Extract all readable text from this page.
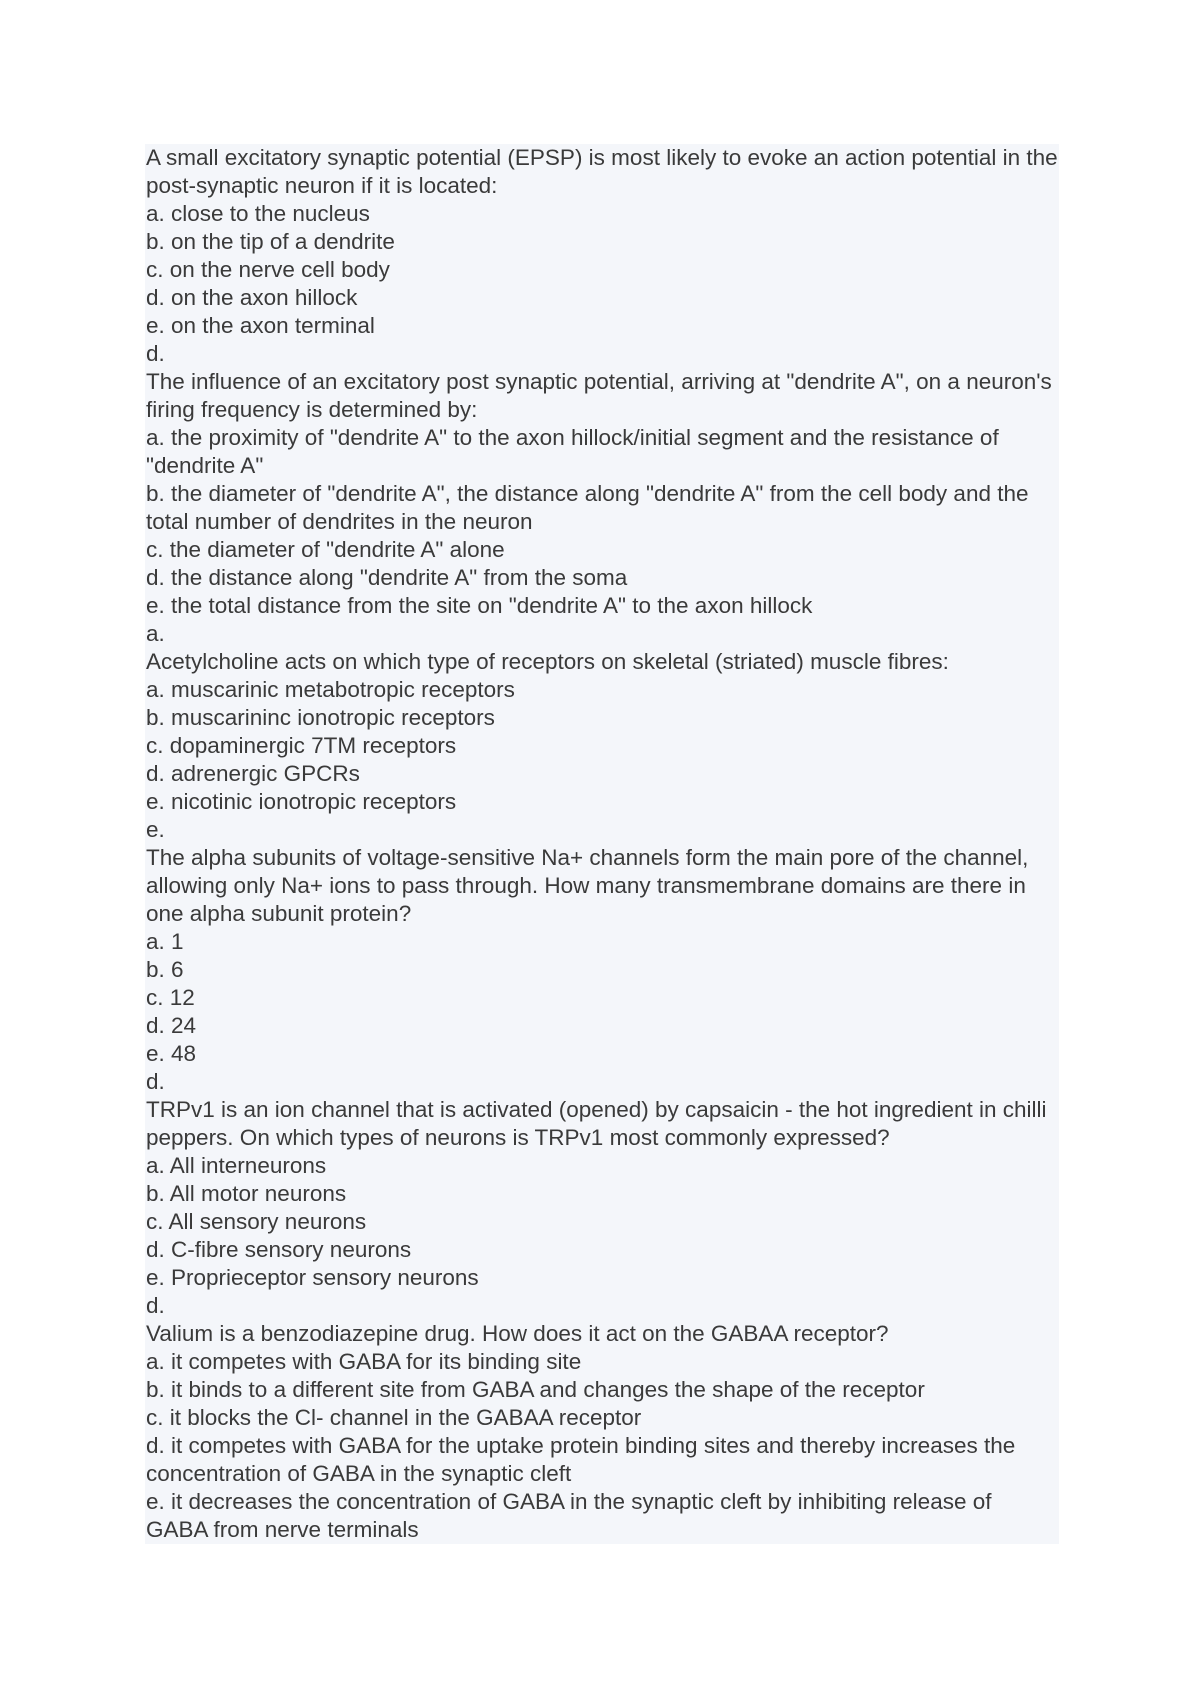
A small excitatory synaptic potential (EPSP) is most likely to evoke an action potential in the post-synaptic neuron if it is located:
a. close to the nucleus
b. on the tip of a dendrite
c. on the nerve cell body
d. on the axon hillock
e. on the axon terminal
d.
The influence of an excitatory post synaptic potential, arriving at "dendrite A", on a neuron's firing frequency is determined by:
a. the proximity of "dendrite A" to the axon hillock/initial segment and the resistance of "dendrite A"
b. the diameter of "dendrite A", the distance along "dendrite A" from the cell body and the total number of dendrites in the neuron
c. the diameter of "dendrite A" alone
d. the distance along "dendrite A" from the soma
e. the total distance from the site on "dendrite A" to the axon hillock
a.
Acetylcholine acts on which type of receptors on skeletal (striated) muscle fibres:
a. muscarinic metabotropic receptors
b. muscarininc ionotropic receptors
c. dopaminergic 7TM receptors
d. adrenergic GPCRs
e. nicotinic ionotropic receptors
e.
The alpha subunits of voltage-sensitive Na+ channels form the main pore of the channel, allowing only Na+ ions to pass through. How many transmembrane domains are there in one alpha subunit protein?
a. 1
b. 6
c. 12
d. 24
e. 48
d.
TRPv1 is an ion channel that is activated (opened) by capsaicin - the hot ingredient in chilli peppers. On which types of neurons is TRPv1 most commonly expressed?
a. All interneurons
b. All motor neurons
c. All sensory neurons
d. C-fibre sensory neurons
e. Proprieceptor sensory neurons
d.
Valium is a benzodiazepine drug. How does it act on the GABAA receptor?
a. it competes with GABA for its binding site
b. it binds to a different site from GABA and changes the shape of the receptor
c. it blocks the Cl- channel in the GABAA receptor
d. it competes with GABA for the uptake protein binding sites and thereby increases the concentration of GABA in the synaptic cleft
e. it decreases the concentration of GABA in the synaptic cleft by inhibiting release of GABA from nerve terminals
